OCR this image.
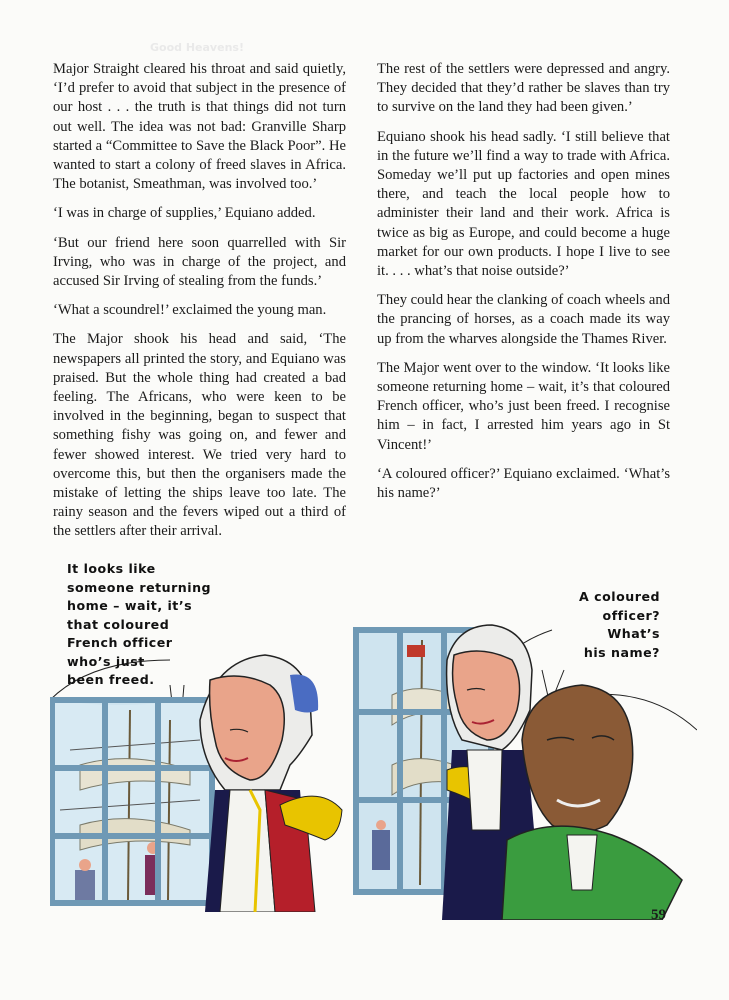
Good Heavens!

Major Straight cleared his throat and said quietly, ‘I’d prefer to avoid that subject in the presence of our host . . . the truth is that things did not turn out well. The idea was not bad: Granville Sharp started a “Committee to Save the Black Poor”. He wanted to start a colony of freed slaves in Africa. The botanist, Smeathman, was involved too.’

‘I was in charge of supplies,’ Equiano added.

‘But our friend here soon quarrelled with Sir Irving, who was in charge of the project, and accused Sir Irving of stealing from the funds.’

‘What a scoundrel!’ exclaimed the young man.

The Major shook his head and said, ‘The newspapers all printed the story, and Equiano was praised. But the whole thing had created a bad feeling. The Africans, who were keen to be involved in the beginning, began to suspect that something fishy was going on, and fewer and fewer showed interest. We tried very hard to overcome this, but then the organisers made the mistake of letting the ships leave too late. The rainy season and the fevers wiped out a third of the settlers after their arrival.

The rest of the settlers were depressed and angry. They decided that they’d rather be slaves than try to survive on the land they had been given.’

Equiano shook his head sadly. ‘I still believe that in the future we’ll find a way to trade with Africa. Someday we’ll put up factories and open mines there, and teach the local people how to administer their land and their work. Africa is twice as big as Europe, and could become a huge market for our own products. I hope I live to see it. . . . what’s that noise outside?’

They could hear the clanking of coach wheels and the prancing of horses, as a coach made its way up from the wharves alongside the Thames River.

The Major went over to the window. ‘It looks like someone returning home – wait, it’s that coloured French officer, who’s just been freed. I recognise him – in fact, I arrested him years ago in St Vincent!’

‘A coloured officer?’ Equiano exclaimed. ‘What’s his name?’

It looks like
someone returning
home – wait, it’s
that coloured
French officer
who’s just
been freed.
A coloured
officer?
What’s
his name?
59
